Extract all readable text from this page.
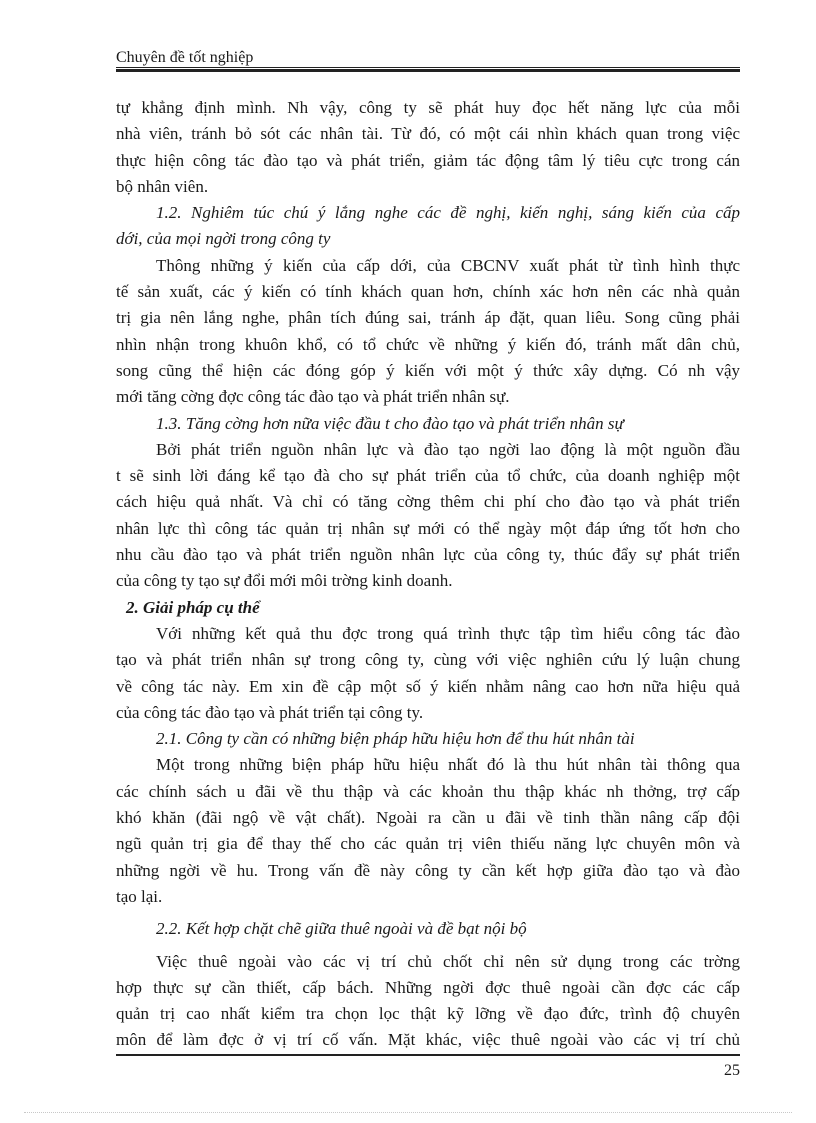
Chuyên đề tốt nghiệp
tự khẳng định mình. Nh vậy, công ty sẽ phát huy đọc hết năng lực của mỗi
nhà viên, tránh bỏ sót các nhân tài. Từ đó, có một cái nhìn khách quan trong việc
thực hiện công tác đào tạo và phát triển, giảm tác động tâm lý tiêu cực trong cán
bộ nhân viên.
1.2. Nghiêm túc chú ý lắng nghe các đề nghị, kiến nghị, sáng kiến của cấp
dới, của mọi ngời trong công ty
Thông những ý kiến của cấp dới, của CBCNV xuất phát từ tình hình thực
tế sản xuất, các ý kiến có tính khách quan hơn, chính xác hơn nên các nhà quản
trị gia nên lắng nghe, phân tích đúng sai, tránh áp đặt, quan liêu. Song cũng phải
nhìn nhận trong khuôn khổ, có tổ chức về những ý kiến đó, tránh mất dân chủ,
song cũng thể hiện các đóng góp ý kiến với một ý thức xây dựng. Có nh vậy
mới tăng cờng đợc công tác đào tạo và phát triển nhân sự.
1.3. Tăng cờng hơn nữa việc đầu t cho đào tạo và phát triển nhân sự
Bởi phát triển nguồn nhân lực và đào tạo ngời lao động là một nguồn đầu
t sẽ sinh lời đáng kể tạo đà cho sự phát triển của tổ chức, của doanh nghiệp một
cách hiệu quả nhất. Và chỉ có tăng cờng thêm chi phí cho đào tạo và phát triển
nhân lực thì công tác quản trị nhân sự mới có thể ngày một đáp ứng tốt hơn cho
nhu cầu đào tạo và phát triển nguồn nhân lực của công ty, thúc đẩy sự phát triển
của công ty tạo sự đổi mới môi trờng kinh doanh.
2. Giải pháp cụ thể
Với những kết quả thu đợc trong quá trình thực tập tìm hiểu công tác đào
tạo và phát triển nhân sự trong công ty, cùng với việc nghiên cứu lý luận chung
về công tác này. Em xin đề cập một số ý kiến nhằm nâng cao hơn nữa hiệu quả
của công tác đào tạo và phát triển tại công ty.
2.1. Công ty cần có những biện pháp hữu hiệu hơn để thu hút nhân tài
Một trong những biện pháp hữu hiệu nhất đó là thu hút nhân tài thông qua
các chính sách u đãi về thu thập và các khoản thu thập khác nh thởng, trợ cấp
khó khăn (đãi ngộ về vật chất). Ngoài ra cần u đãi về tinh thần nâng cấp đội
ngũ quản trị gia để thay thế cho các quản trị viên thiếu năng lực chuyên môn và
những ngời về hu. Trong vấn đề này công ty cần kết hợp giữa đào tạo và đào
tạo lại.
2.2. Kết hợp chặt chẽ giữa thuê ngoài và đề bạt nội bộ
Việc thuê ngoài vào các vị trí chủ chốt chỉ nên sử dụng trong các trờng
hợp thực sự cần thiết, cấp bách. Những ngời đợc thuê ngoài cần đợc các cấp
quản trị cao nhất kiểm tra chọn lọc thật kỹ lỡng về đạo đức, trình độ chuyên
môn để làm đợc ở vị trí cố vấn. Mặt khác, việc thuê ngoài vào các vị trí chủ
25
